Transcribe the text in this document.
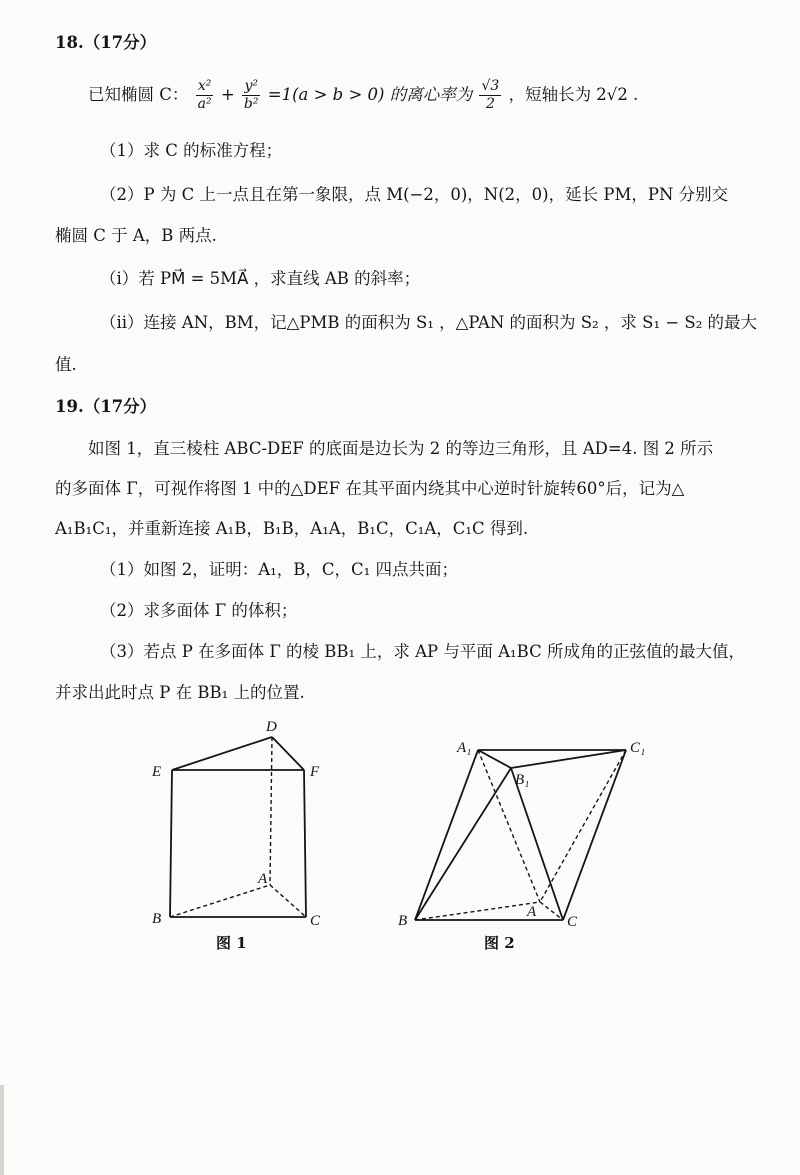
18.（17分）
已知椭圆 C： $\frac{\text{x²}}{\text{a²}} + \frac{\text{y²}}{\text{b²}} =1(a > b > 0)$ 的离心率为 $\frac{√3}{2}$ ，短轴长为 2√2 .
（1）求 C 的标准方程；
（2）P 为 C 上一点且在第一象限，点 M(−2，0)，N(2，0)，延长 PM，PN 分别交
椭圆 C 于 A，B 两点.
（i）若 PM⃗ = 5MA⃗ ，求直线 AB 的斜率；
（ii）连接 AN，BM，记△PMB 的面积为 S₁ ，△PAN 的面积为 S₂ ，求 S₁ − S₂ 的最大
值.
19.（17分）
如图 1，直三棱柱 ABC-DEF 的底面是边长为 2 的等边三角形，且 AD=4. 图 2 所示
的多面体 Γ，可视作将图 1 中的△DEF 在其平面内绕其中心逆时针旋转60°后，记为△
A₁B₁C₁，并重新连接 A₁B，B₁B，A₁A，B₁C，C₁A，C₁C 得到.
（1）如图 2，证明：A₁，B，C，C₁ 四点共面；
（2）求多面体 Γ 的体积；
（3）若点 P 在多面体 Γ 的棱 BB₁ 上，求 AP 与平面 A₁BC 所成角的正弦值的最大值，
并求出此时点 P 在 BB₁ 上的位置.
D
E	F
A
B	C
图 1
A₁
B₁
C₁
A
B	C
图 2
